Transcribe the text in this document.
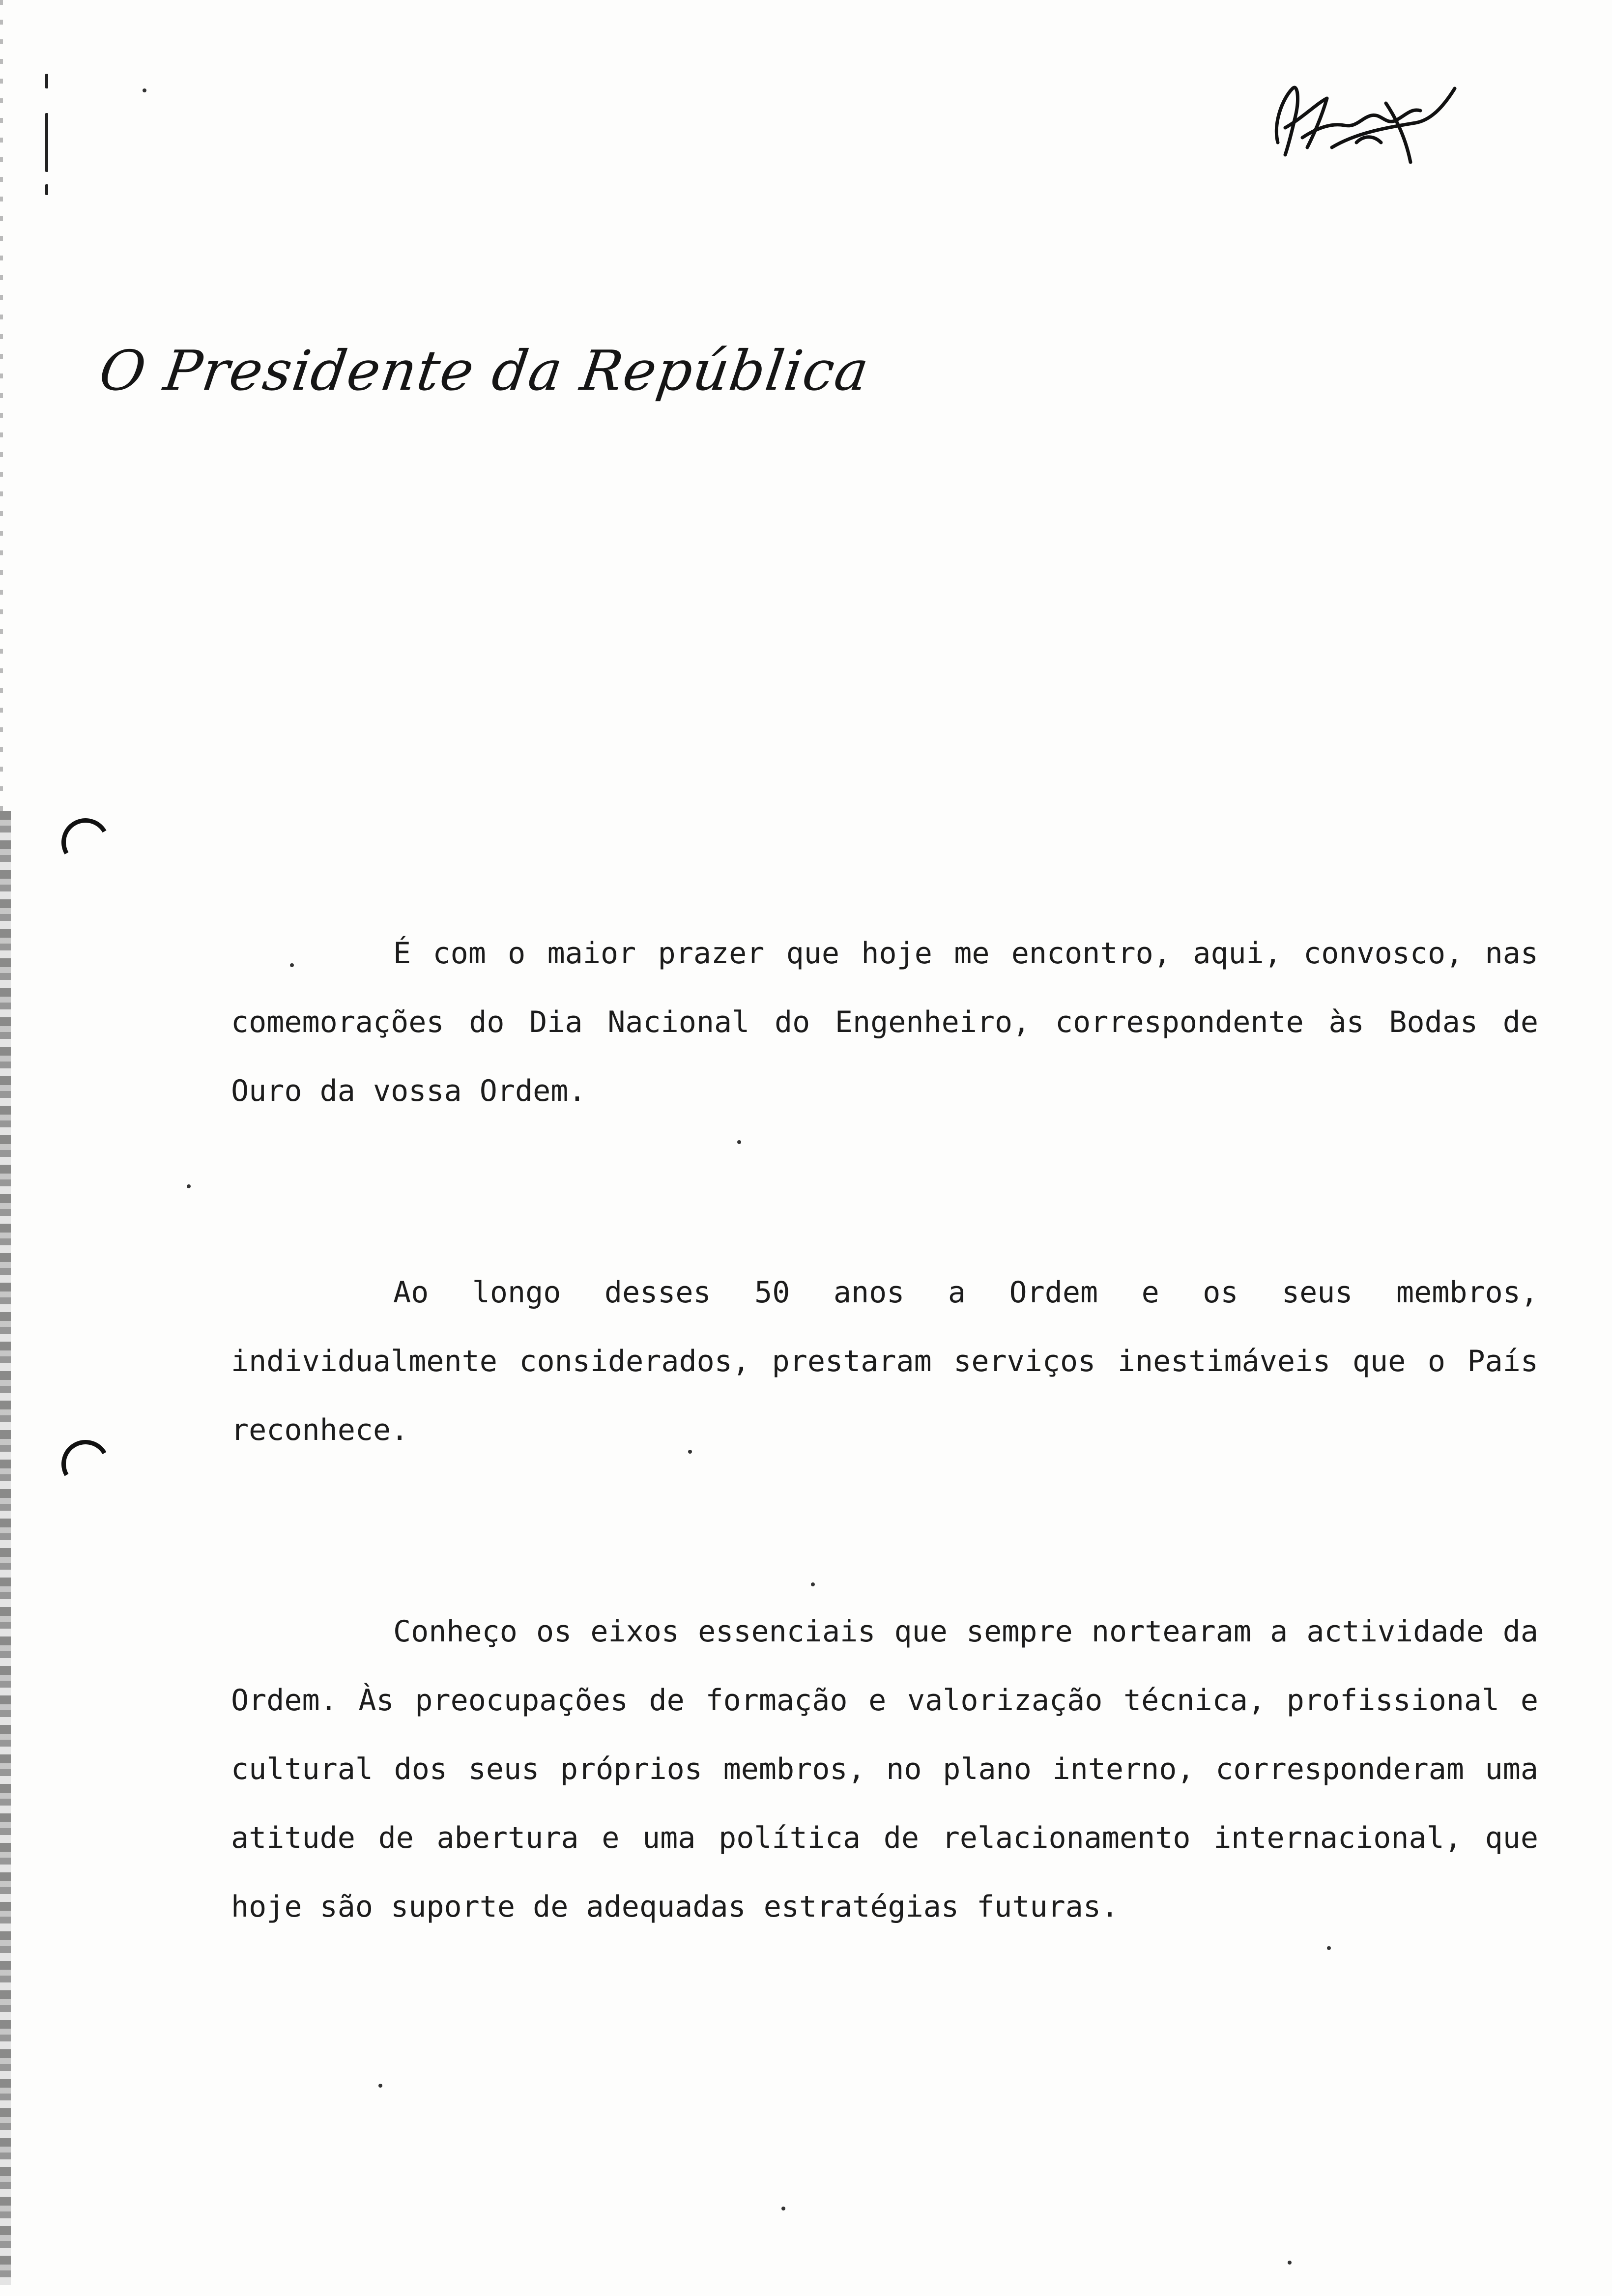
O Presidente da República

É com o maior prazer que hoje me encontro, aqui, convosco, nas comemorações do Dia Nacional do Engenheiro, correspondente às Bodas de Ouro da vossa Ordem.

Ao longo desses 50 anos a Ordem e os seus membros, individualmente considerados, prestaram serviços inestimáveis que o País reconhece.

Conheço os eixos essenciais que sempre nortearam a actividade da Ordem. Às preocupações de formação e valorização técnica, profissional e cultural dos seus próprios membros, no plano interno, corresponderam uma atitude de abertura e uma política de relacionamento internacional, que hoje são suporte de adequadas estratégias futuras.
